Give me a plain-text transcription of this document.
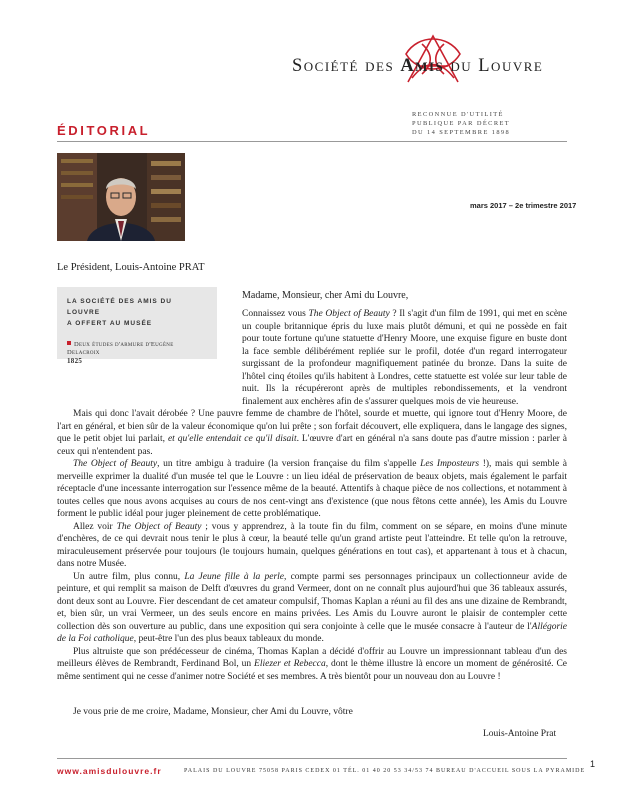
Société des Amis du Louvre
RECONNUE D'UTILITÉ
PUBLIQUE PAR DÉCRET
DU 14 SEPTEMBRE 1898
ÉDITORIAL
mars 2017 – 2e trimestre 2017
Le Président, Louis-Antoine PRAT
LA SOCIÉTÉ DES AMIS DU LOUVRE
A OFFERT AU MUSÉE
Deux études d'armure d'Eugène Delacroix
1825
Madame, Monsieur, cher Ami du Louvre,

Connaissez vous The Object of Beauty ? Il s'agit d'un film de 1991, qui met en scène un couple britannique épris du luxe mais plutôt démuni, et qui ne possède en fait pour toute fortune qu'une statuette d'Henry Moore, une exquise figure en buste dont la face semble délibérément repliée sur le profil, dotée d'un regard interrogateur surgissant de la profondeur magnifiquement patinée du bronze. Dans la suite de l'hôtel cinq étoiles qu'ils habitent à Londres, cette statuette est volée sur leur table de nuit. Ils la récupéreront après de multiples rebondissements, et la vendront finalement aux enchères afin de s'assurer quelques mois de vie heureuse.

Mais qui donc l'avait dérobée ? Une pauvre femme de chambre de l'hôtel, sourde et muette, qui ignore tout d'Henry Moore, de l'art en général, et bien sûr de la valeur économique qu'on lui prête ; son forfait découvert, elle expliquera, dans le langage des signes, que le petit objet lui parlait, et qu'elle entendait ce qu'il disait. L'œuvre d'art en général n'a sans doute pas d'autre mission : parler à ceux qui n'entendent pas.

The Object of Beauty, un titre ambigu à traduire (la version française du film s'appelle Les Imposteurs !), mais qui semble à merveille exprimer la dualité d'un musée tel que le Louvre : un lieu idéal de préservation de beaux objets, mais également le parfait réceptacle d'une incessante interrogation sur l'essence même de la beauté. Attentifs à chaque pièce de nos collections, et notamment à toutes celles que nous avons acquises au cours de nos cent-vingt ans d'existence (que nous fêtons cette année), les Amis du Louvre forment le public idéal pour juger pleinement de cette problématique.

Allez voir The Object of Beauty ; vous y apprendrez, à la toute fin du film, comment on se sépare, en moins d'une minute d'enchères, de ce qui devrait nous tenir le plus à cœur, la beauté telle qu'un grand artiste peut l'atteindre. Et telle qu'on la retrouve, miraculeusement préservée pour toujours (le toujours humain, quelques générations en tout cas), et appartenant à tous et à chacun, dans notre Musée.

Un autre film, plus connu, La Jeune fille à la perle, compte parmi ses personnages principaux un collectionneur avide de peinture, et qui remplit sa maison de Delft d'œuvres du grand Vermeer, dont on ne connaît plus aujourd'hui que 36 tableaux assurés, dont deux sont au Louvre. Fier descendant de cet amateur compulsif, Thomas Kaplan a réuni au fil des ans une dizaine de Rembrandt, et, bien sûr, un vrai Vermeer, un des seuls encore en mains privées. Les Amis du Louvre auront le plaisir de contempler cette collection dès son ouverture au public, dans une exposition qui sera conjointe à celle que le musée consacre à l'auteur de l'Allégorie de la Foi catholique, peut-être l'un des plus beaux tableaux du monde.

Plus altruiste que son prédécesseur de cinéma, Thomas Kaplan a décidé d'offrir au Louvre un impressionnant tableau d'un des meilleurs élèves de Rembrandt, Ferdinand Bol, un Eliezer et Rebecca, dont le thème illustre là encore un moment de générosité. Ce même sentiment qui ne cesse d'animer notre Société et ses membres. A très bientôt pour un nouveau don au Louvre !

Je vous prie de me croire, Madame, Monsieur, cher Ami du Louvre, vôtre
Louis-Antoine Prat
1
www.amisdulouvre.fr	PALAIS DU LOUVRE 75058 PARIS CEDEX 01 TÉL. 01 40 20 53 34/53 74 BUREAU D'ACCUEIL SOUS LA PYRAMIDE
